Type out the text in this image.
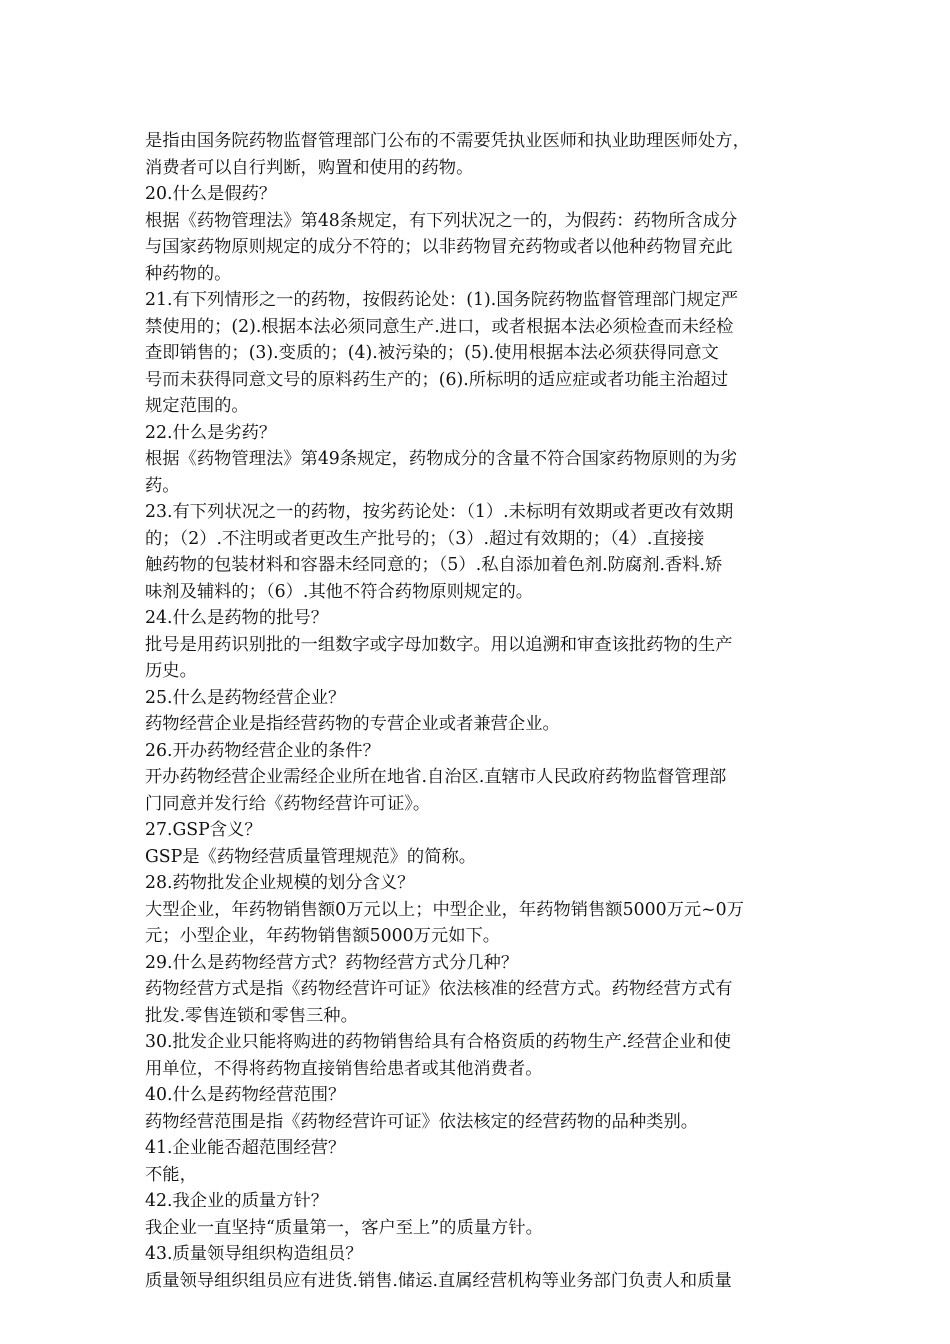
是指由国务院药物监督管理部门公布的不需要凭执业医师和执业助理医师处方，
消费者可以自行判断，购置和使用的药物。
20.什么是假药？
根据《药物管理法》第48条规定，有下列状况之一的，为假药：药物所含成分
与国家药物原则规定的成分不符的；以非药物冒充药物或者以他种药物冒充此
种药物的。
21.有下列情形之一的药物，按假药论处：(1).国务院药物监督管理部门规定严
禁使用的；(2).根据本法必须同意生产.进口，或者根据本法必须检查而未经检
查即销售的；(3).变质的；(4).被污染的；(5).使用根据本法必须获得同意文
号而未获得同意文号的原料药生产的；(6).所标明的适应症或者功能主治超过
规定范围的。
22.什么是劣药？
根据《药物管理法》第49条规定，药物成分的含量不符合国家药物原则的为劣
药。
23.有下列状况之一的药物，按劣药论处：（1）.未标明有效期或者更改有效期
的；（2）.不注明或者更改生产批号的；（3）.超过有效期的；（4）.直接接
触药物的包装材料和容器未经同意的；（5）.私自添加着色剂.防腐剂.香料.矫
味剂及辅料的；（6）.其他不符合药物原则规定的。
24.什么是药物的批号？
批号是用药识别批的一组数字或字母加数字。用以追溯和审查该批药物的生产
历史。
25.什么是药物经营企业？
药物经营企业是指经营药物的专营企业或者兼营企业。
26.开办药物经营企业的条件？
开办药物经营企业需经企业所在地省.自治区.直辖市人民政府药物监督管理部
门同意并发行给《药物经营许可证》。
27.GSP含义？
GSP是《药物经营质量管理规范》的简称。
28.药物批发企业规模的划分含义？
大型企业，年药物销售额0万元以上；中型企业，年药物销售额5000万元~0万
元；小型企业，年药物销售额5000万元如下。
29.什么是药物经营方式？药物经营方式分几种？
药物经营方式是指《药物经营许可证》依法核准的经营方式。药物经营方式有
批发.零售连锁和零售三种。
30.批发企业只能将购进的药物销售给具有合格资质的药物生产.经营企业和使
用单位，不得将药物直接销售给患者或其他消费者。
40.什么是药物经营范围？
药物经营范围是指《药物经营许可证》依法核定的经营药物的品种类别。
41.企业能否超范围经营？
不能，
42.我企业的质量方针？
我企业一直坚持“质量第一，客户至上”的质量方针。
43.质量领导组织构造组员？
质量领导组织组员应有进货.销售.储运.直属经营机构等业务部门负责人和质量
